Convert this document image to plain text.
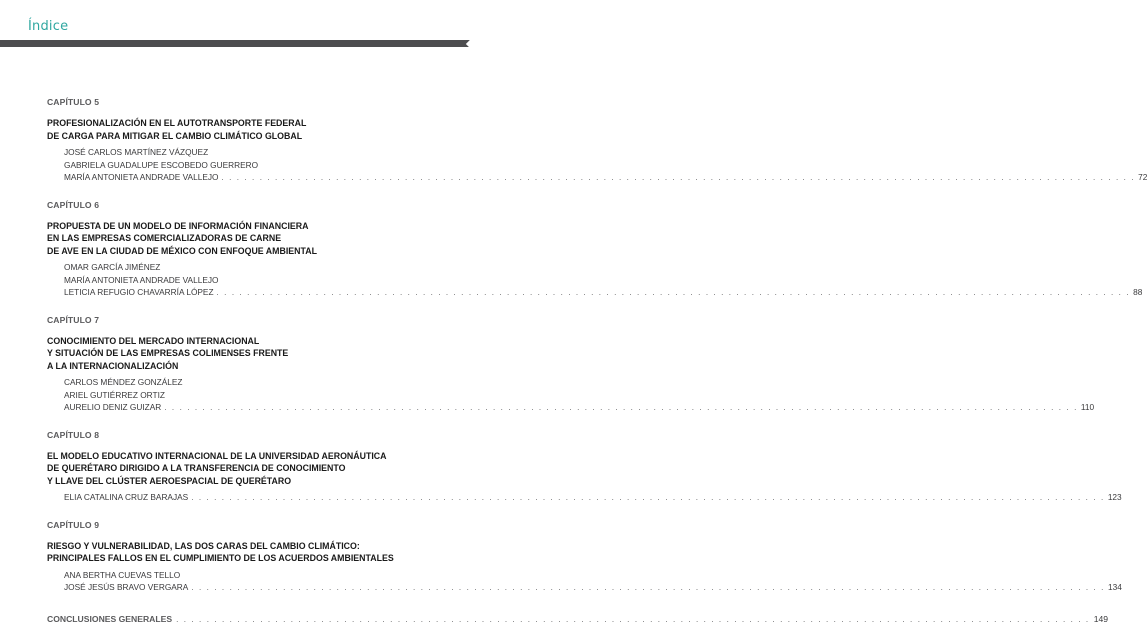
Índice
CAPÍTULO 5
PROFESIONALIZACIÓN EN EL AUTOTRANSPORTE FEDERAL
DE CARGA PARA MITIGAR EL CAMBIO CLIMÁTICO GLOBAL
JOSÉ CARLOS MARTÍNEZ VÁZQUEZ
GABRIELA GUADALUPE ESCOBEDO GUERRERO
MARÍA ANTONIETA ANDRADE VALLEJO . . . . . . . . . . . . . . . . . . . . . . . . . . . . . . . . . . . . . . . . . . . . . . . . . . . . . . . . . . . . . . . . . . . . . . . . . . . . . . . . . . . . . . . . . . . . . . . . . . . . . . . . . . . . . . . . . . . . . . . . 72
CAPÍTULO 6
PROPUESTA DE UN MODELO DE INFORMACIÓN FINANCIERA
EN LAS EMPRESAS COMERCIALIZADORAS DE CARNE
DE AVE EN LA CIUDAD DE MÉXICO CON ENFOQUE AMBIENTAL
OMAR GARCÍA JIMÉNEZ
MARÍA ANTONIETA ANDRADE VALLEJO
LETICIA REFUGIO CHAVARRÍA LÓPEZ . . . . . . . . . . . . . . . . . . . . . . . . . . . . . . . . . . . . . . . . . . . . . . . . . . . . . . . . . . . . . . . . . . . . . . . . . . . . . . . . . . . . . . . . . . . . . . . . . . . . . . . . . . . . . . . . . . . . . . . . 88
CAPÍTULO 7
CONOCIMIENTO DEL MERCADO INTERNACIONAL
Y SITUACIÓN DE LAS EMPRESAS COLIMENSES FRENTE
A LA INTERNACIONALIZACIÓN
CARLOS MÉNDEZ GONZÁLEZ
ARIEL GUTIÉRREZ ORTIZ
AURELIO DENIZ GUIZAR . . . . . . . . . . . . . . . . . . . . . . . . . . . . . . . . . . . . . . . . . . . . . . . . . . . . . . . . . . . . . . . . . . . . . . . . . . . . . . . . . . . . . . . . . . . . . . . . . . . . . . . . . . . . . . . . . . . . . . . . 110
CAPÍTULO 8
EL MODELO EDUCATIVO INTERNACIONAL DE LA UNIVERSIDAD AERONÁUTICA
DE QUERÉTARO DIRIGIDO A LA TRANSFERENCIA DE CONOCIMIENTO
Y LLAVE DEL CLÚSTER AEROESPACIAL DE QUERÉTARO
ELIA CATALINA CRUZ BARAJAS . . . . . . . . . . . . . . . . . . . . . . . . . . . . . . . . . . . . . . . . . . . . . . . . . . . . . . . . . . . . . . . . . . . . . . . . . . . . . . . . . . . . . . . . . . . . . . . . . . . . . . . . . . . . . . . . . . . . . . . . 123
CAPÍTULO 9
RIESGO Y VULNERABILIDAD, LAS DOS CARAS DEL CAMBIO CLIMÁTICO:
PRINCIPALES FALLOS EN EL CUMPLIMIENTO DE LOS ACUERDOS AMBIENTALES
ANA BERTHA CUEVAS TELLO
JOSÉ JESÚS BRAVO VERGARA . . . . . . . . . . . . . . . . . . . . . . . . . . . . . . . . . . . . . . . . . . . . . . . . . . . . . . . . . . . . . . . . . . . . . . . . . . . . . . . . . . . . . . . . . . . . . . . . . . . . . . . . . . . . . . . . . . . . . . . . 134
CONCLUSIONES GENERALES . . . . . . . . . . . . . . . . . . . . . . . . . . . . . . . . . . . . . . . . . . . . . . . . . . . . . . . . . . . . . . . . . . . . . . . . . . . . . . . . . . . . . . . . . . . . . . . . . . . . . . . . . . . . . . . . . . . . . . . . 149
